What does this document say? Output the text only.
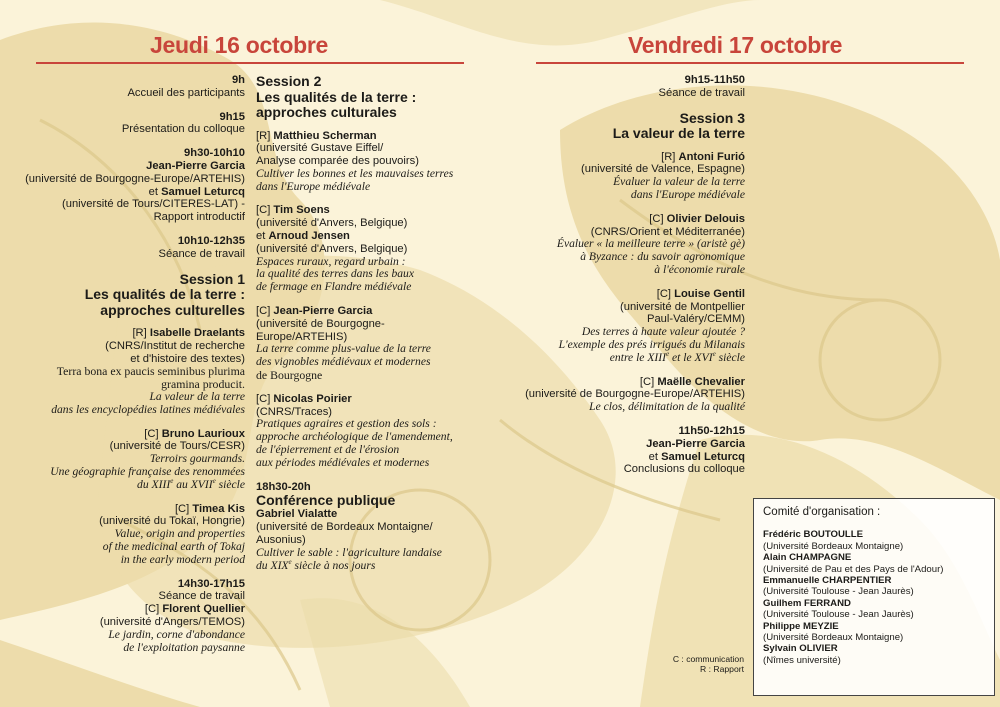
Jeudi 16 octobre	Vendredi 17 octobre
9h
Accueil des participants
9h15
Présentation du colloque
9h30-10h10
Jean-Pierre Garcia
(université de Bourgogne-Europe/ARTEHIS)
et Samuel Leturcq
(université de Tours/CITERES-LAT) -
Rapport introductif
10h10-12h35
Séance de travail
Session 1
Les qualités de la terre :
approches culturelles
[R] Isabelle Draelants
(CNRS/Institut de recherche
et d'histoire des textes)
Terra bona ex paucis seminibus plurima
gramina producit.
La valeur de la terre
dans les encyclopédies latines médiévales
[C] Bruno Laurioux
(université de Tours/CESR)
Terroirs gourmands.
Une géographie française des renommées
du XIIIe au XVIIe siècle
[C] Timea Kis
(université du Tokaï, Hongrie)
Value, origin and properties
of the medicinal earth of Tokaj
in the early modern period
14h30-17h15
Séance de travail
[C] Florent Quellier
(université d'Angers/TEMOS)
Le jardin, corne d'abondance
de l'exploitation paysanne
Session 2
Les qualités de la terre :
approches culturales
[R] Matthieu Scherman
(université Gustave Eiffel/
Analyse comparée des pouvoirs)
Cultiver les bonnes et les mauvaises terres
dans l'Europe médiévale
[C] Tim Soens
(université d'Anvers, Belgique)
et Arnoud Jensen
(université d'Anvers, Belgique)
Espaces ruraux, regard urbain :
la qualité des terres dans les baux
de fermage en Flandre médiévale
[C] Jean-Pierre Garcia
(université de Bourgogne-Europe/ARTEHIS)
La terre comme plus-value de la terre
des vignobles médiévaux et modernes
de Bourgogne
[C] Nicolas Poirier
(CNRS/Traces)
Pratiques agraires et gestion des sols :
approche archéologique de l'amendement,
de l'épierrement et de l'érosion
aux périodes médiévales et modernes
18h30-20h
Conférence publique
Gabriel Vialatte
(université de Bordeaux Montaigne/
Ausonius)
Cultiver le sable : l'agriculture landaise
du XIXe siècle à nos jours
9h15-11h50
Séance de travail
Session 3
La valeur de la terre
[R] Antoni Furió
(université de Valence, Espagne)
Évaluer la valeur de la terre
dans l'Europe médiévale
[C] Olivier Delouis
(CNRS/Orient et Méditerranée)
Évaluer « la meilleure terre » (aristè gè)
à Byzance : du savoir agronomique
à l'économie rurale
[C] Louise Gentil
(université de Montpellier
Paul-Valéry/CEMM)
Des terres à haute valeur ajoutée ?
L'exemple des prés irrigués du Milanais
entre le XIIIe et le XVIe siècle
[C] Maëlle Chevalier
(université de Bourgogne-Europe/ARTEHIS)
Le clos, délimitation de la qualité
11h50-12h15
Jean-Pierre Garcia
et Samuel Leturcq
Conclusions du colloque
C : communication
R : Rapport
Comité d'organisation :
Frédéric BOUTOULLE
(Université Bordeaux Montaigne)
Alain CHAMPAGNE
(Université de Pau et des Pays de l'Adour)
Emmanuelle CHARPENTIER
(Université Toulouse - Jean Jaurès)
Guilhem FERRAND
(Université Toulouse - Jean Jaurès)
Philippe MEYZIE
(Université Bordeaux Montaigne)
Sylvain OLIVIER
(Nîmes université)
